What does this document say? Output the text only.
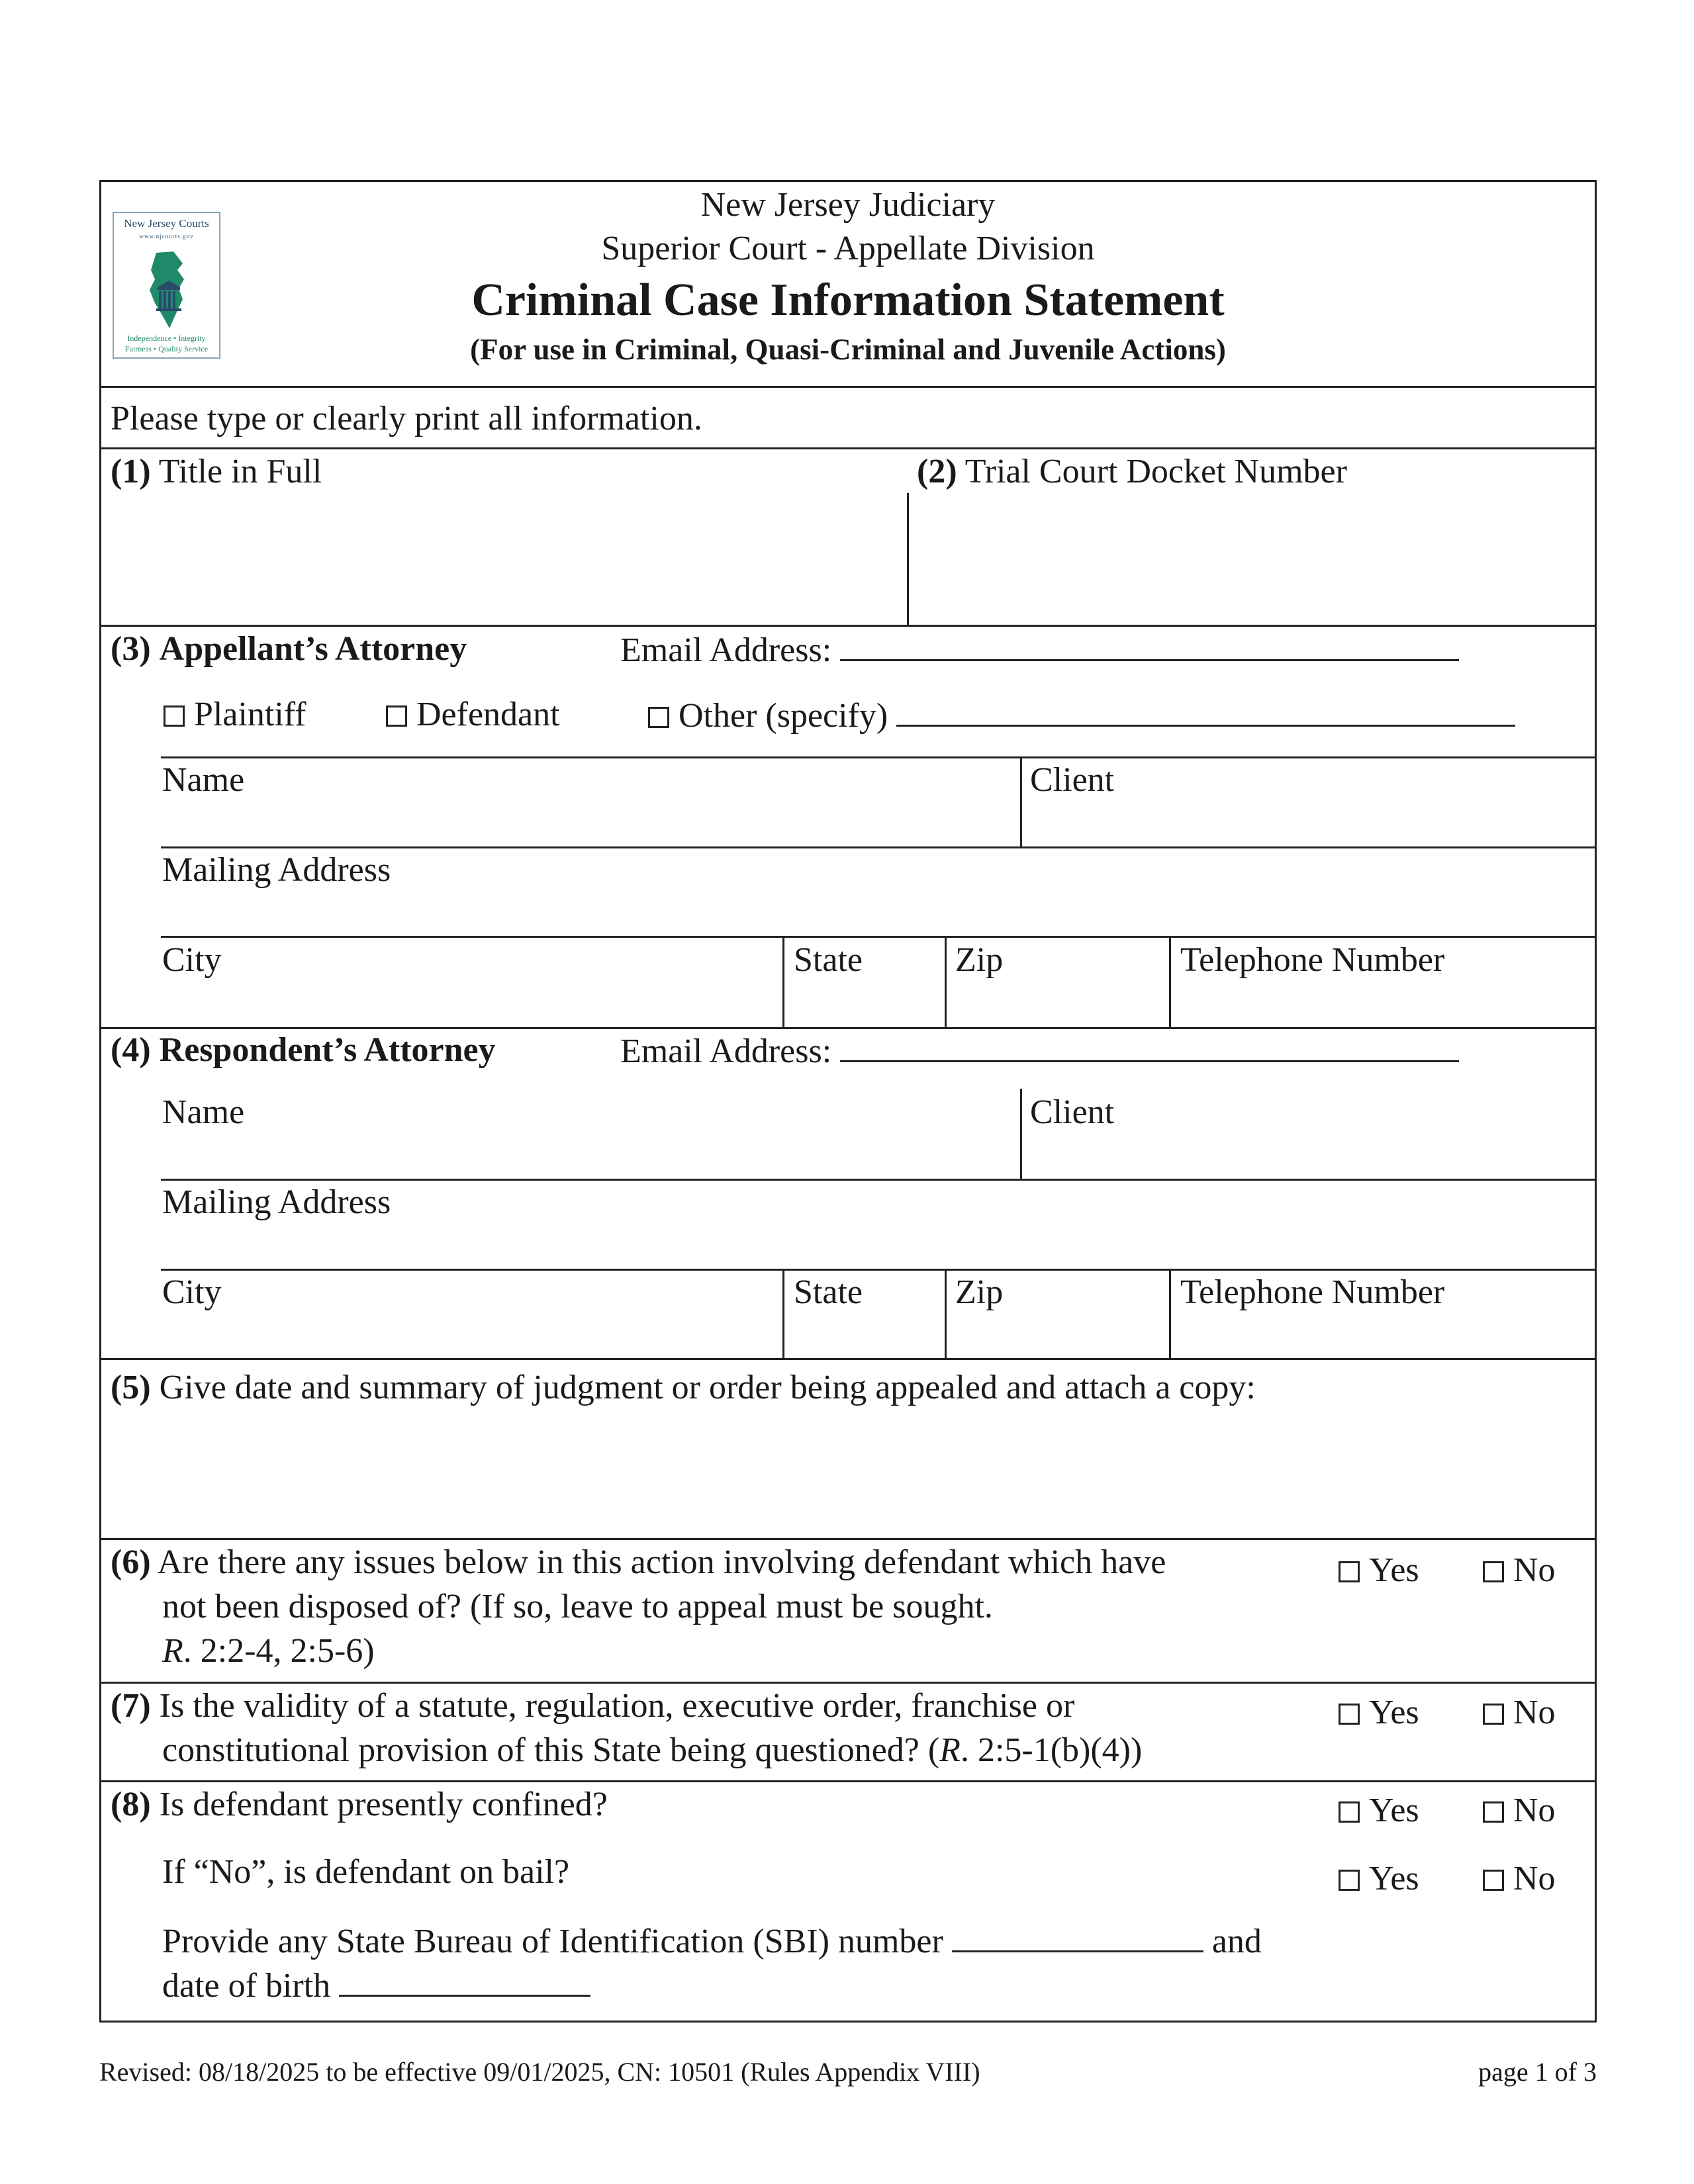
New Jersey Courts
www.njcourts.gov
Independence • Integrity
Fairness • Quality Service
New Jersey Judiciary
Superior Court - Appellate Division
Criminal Case Information Statement
(For use in Criminal, Quasi-Criminal and Juvenile Actions)
Please type or clearly print all information.
(1) Title in Full	(2) Trial Court Docket Number
(3) Appellant’s Attorney	Email Address:
Plaintiff	Defendant	Other (specify)
Name	Client
Mailing Address
City	State	Zip	Telephone Number
(4) Respondent’s Attorney	Email Address:
Name	Client
Mailing Address
City	State	Zip	Telephone Number
(5) Give date and summary of judgment or order being appealed and attach a copy:
(6) Are there any issues below in this action involving defendant which have
not been disposed of? (If so, leave to appeal must be sought.
R. 2:2-4, 2:5-6)
Yes	No
(7) Is the validity of a statute, regulation, executive order, franchise or
constitutional provision of this State being questioned? (R. 2:5-1(b)(4))
Yes	No
(8) Is defendant presently confined?	Yes	No
If “No”, is defendant on bail?	Yes	No
Provide any State Bureau of Identification (SBI) number	and
date of birth
Revised: 08/18/2025 to be effective 09/01/2025, CN: 10501 (Rules Appendix VIII)	page 1 of 3
